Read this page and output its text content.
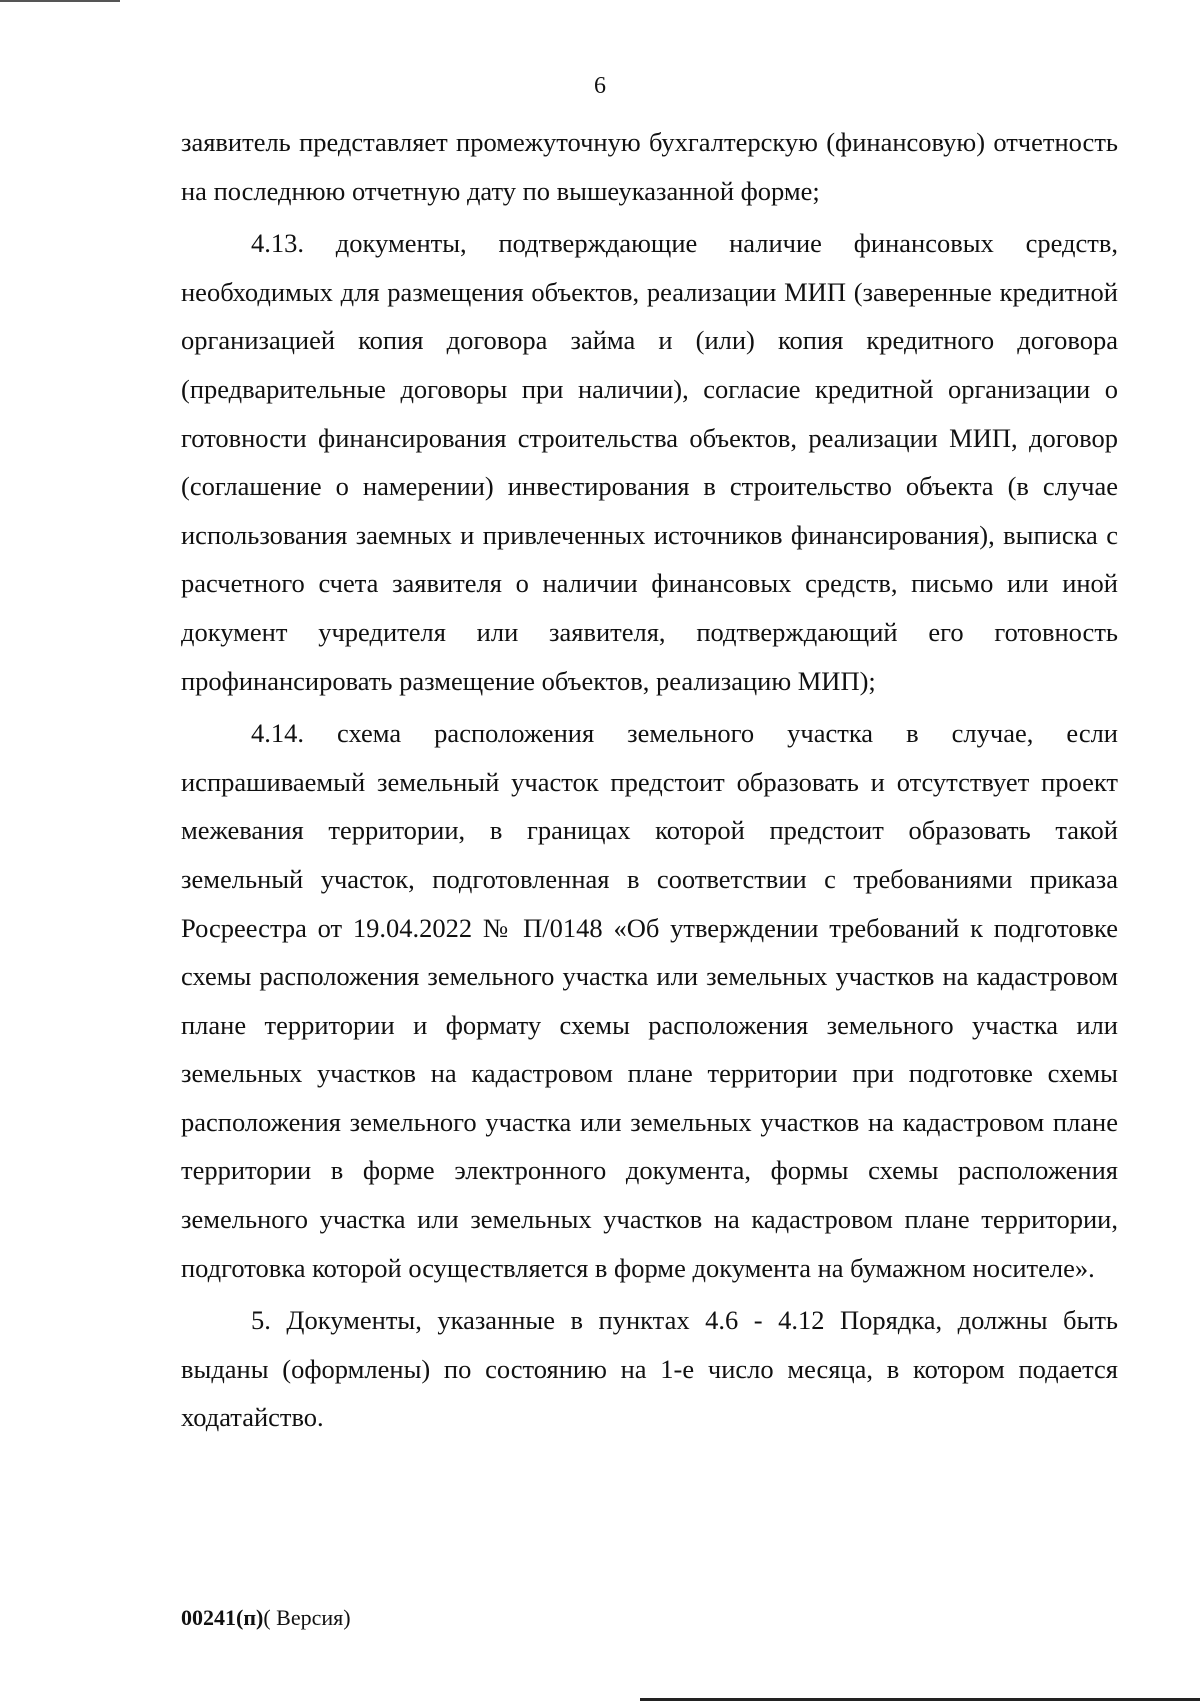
6

заявитель представляет промежуточную бухгалтерскую (финансовую) отчетность на последнюю отчетную дату по вышеуказанной форме;

4.13. документы, подтверждающие наличие финансовых средств, необходимых для размещения объектов, реализации МИП (заверенные кредитной организацией копия договора займа и (или) копия кредитного договора (предварительные договоры при наличии), согласие кредитной организации о готовности финансирования строительства объектов, реализации МИП, договор (соглашение о намерении) инвестирования в строительство объекта (в случае использования заемных и привлеченных источников финансирования), выписка с расчетного счета заявителя о наличии финансовых средств, письмо или иной документ учредителя или заявителя, подтверждающий его готовность профинансировать размещение объектов, реализацию МИП);

4.14. схема расположения земельного участка в случае, если испрашиваемый земельный участок предстоит образовать и отсутствует проект межевания территории, в границах которой предстоит образовать такой земельный участок, подготовленная в соответствии с требованиями приказа Росреестра от 19.04.2022 № П/0148 «Об утверждении требований к подготовке схемы расположения земельного участка или земельных участков на кадастровом плане территории и формату схемы расположения земельного участка или земельных участков на кадастровом плане территории при подготовке схемы расположения земельного участка или земельных участков на кадастровом плане территории в форме электронного документа, формы схемы расположения земельного участка или земельных участков на кадастровом плане территории, подготовка которой осуществляется в форме документа на бумажном носителе».

5. Документы, указанные в пунктах 4.6 - 4.12 Порядка, должны быть выданы (оформлены) по состоянию на 1-е число месяца, в котором подается ходатайство.

00241(п)( Версия)
